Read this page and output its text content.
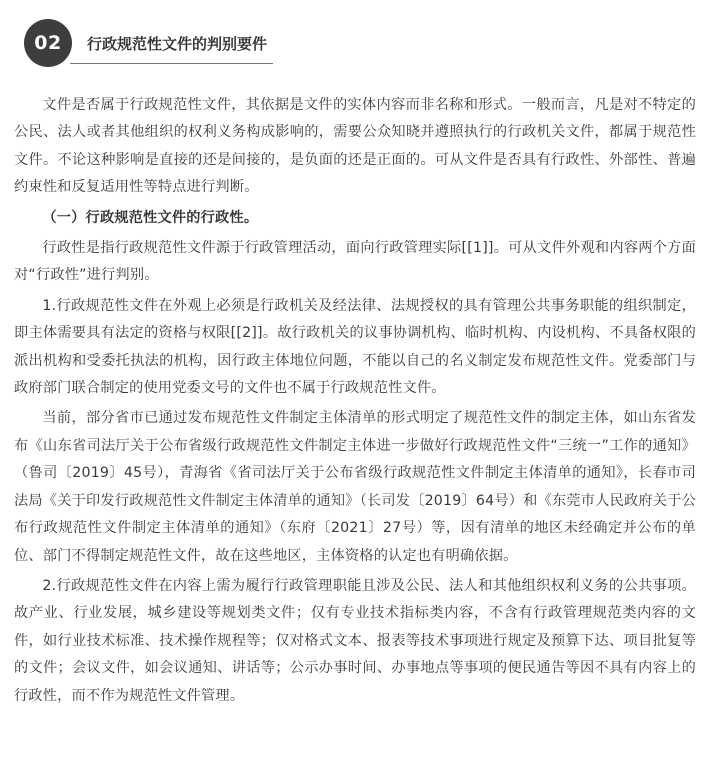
02	行政规范性文件的判别要件

文件是否属于行政规范性文件，其依据是文件的实体内容而非名称和形式。一般而言，凡是对不特定的公民、法人或者其他组织的权利义务构成影响的，需要公众知晓并遵照执行的行政机关文件，都属于规范性文件。不论这种影响是直接的还是间接的，是负面的还是正面的。可从文件是否具有行政性、外部性、普遍约束性和反复适用性等特点进行判断。

（一）行政规范性文件的行政性。

行政性是指行政规范性文件源于行政管理活动，面向行政管理实际[[1]]。可从文件外观和内容两个方面对“行政性”进行判别。

1.行政规范性文件在外观上必须是行政机关及经法律、法规授权的具有管理公共事务职能的组织制定，即主体需要具有法定的资格与权限[[2]]。故行政机关的议事协调机构、临时机构、内设机构、不具备权限的派出机构和受委托执法的机构，因行政主体地位问题，不能以自己的名义制定发布规范性文件。党委部门与政府部门联合制定的使用党委文号的文件也不属于行政规范性文件。

当前，部分省市已通过发布规范性文件制定主体清单的形式明定了规范性文件的制定主体，如山东省发布《山东省司法厅关于公布省级行政规范性文件制定主体进一步做好行政规范性文件“三统一”工作的通知》（鲁司〔2019〕45号），青海省《省司法厅关于公布省级行政规范性文件制定主体清单的通知》，长春市司法局《关于印发行政规范性文件制定主体清单的通知》（长司发〔2019〕64号）和《东莞市人民政府关于公布行政规范性文件制定主体清单的通知》（东府〔2021〕27号）等，因有清单的地区未经确定并公布的单位、部门不得制定规范性文件，故在这些地区，主体资格的认定也有明确依据。

2.行政规范性文件在内容上需为履行行政管理职能且涉及公民、法人和其他组织权利义务的公共事项。故产业、行业发展，城乡建设等规划类文件；仅有专业技术指标类内容，不含有行政管理规范类内容的文件，如行业技术标准、技术操作规程等；仅对格式文本、报表等技术事项进行规定及预算下达、项目批复等的文件；会议文件，如会议通知、讲话等；公示办事时间、办事地点等事项的便民通告等因不具有内容上的行政性，而不作为规范性文件管理。
